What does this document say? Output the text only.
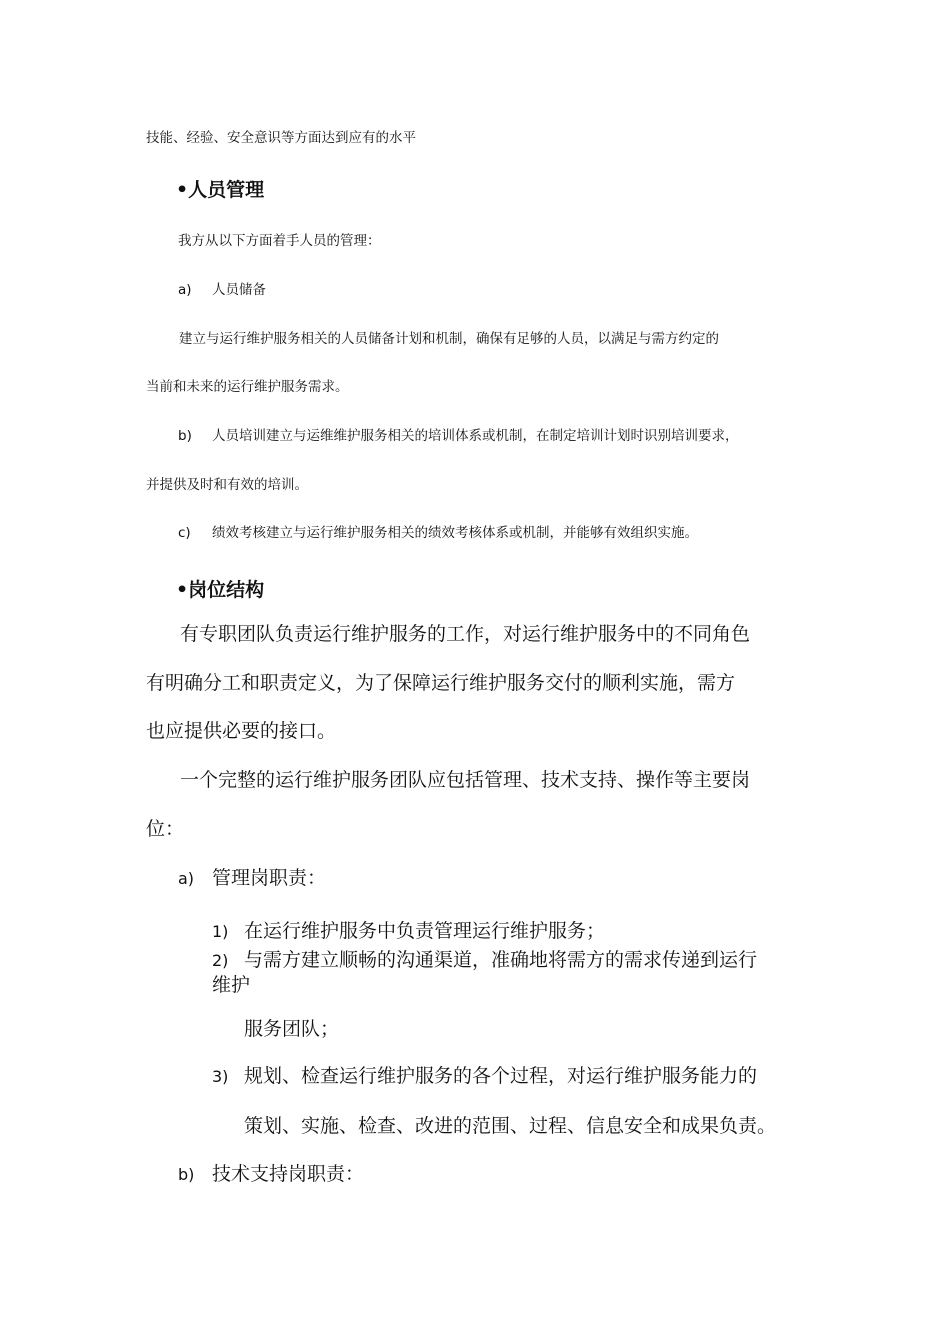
技能、经验、安全意识等方面达到应有的水平

•人员管理

我方从以下方面着手人员的管理：

a) 人员储备

建立与运行维护服务相关的人员储备计划和机制，确保有足够的人员，以满足与需方约定的

当前和未来的运行维护服务需求。

b) 人员培训建立与运维维护服务相关的培训体系或机制，在制定培训计划时识别培训要求，

并提供及时和有效的培训。

c) 绩效考核建立与运行维护服务相关的绩效考核体系或机制，并能够有效组织实施。

•岗位结构

有专职团队负责运行维护服务的工作，对运行维护服务中的不同角色

有明确分工和职责定义，为了保障运行维护服务交付的顺利实施，需方

也应提供必要的接口。

一个完整的运行维护服务团队应包括管理、技术支持、操作等主要岗

位：

a) 管理岗职责：

1) 在运行维护服务中负责管理运行维护服务；

2) 与需方建立顺畅的沟通渠道，准确地将需方的需求传递到运行

维护

服务团队；

3) 规划、检查运行维护服务的各个过程，对运行维护服务能力的

策划、实施、检查、改进的范围、过程、信息安全和成果负责。

b) 技术支持岗职责：
